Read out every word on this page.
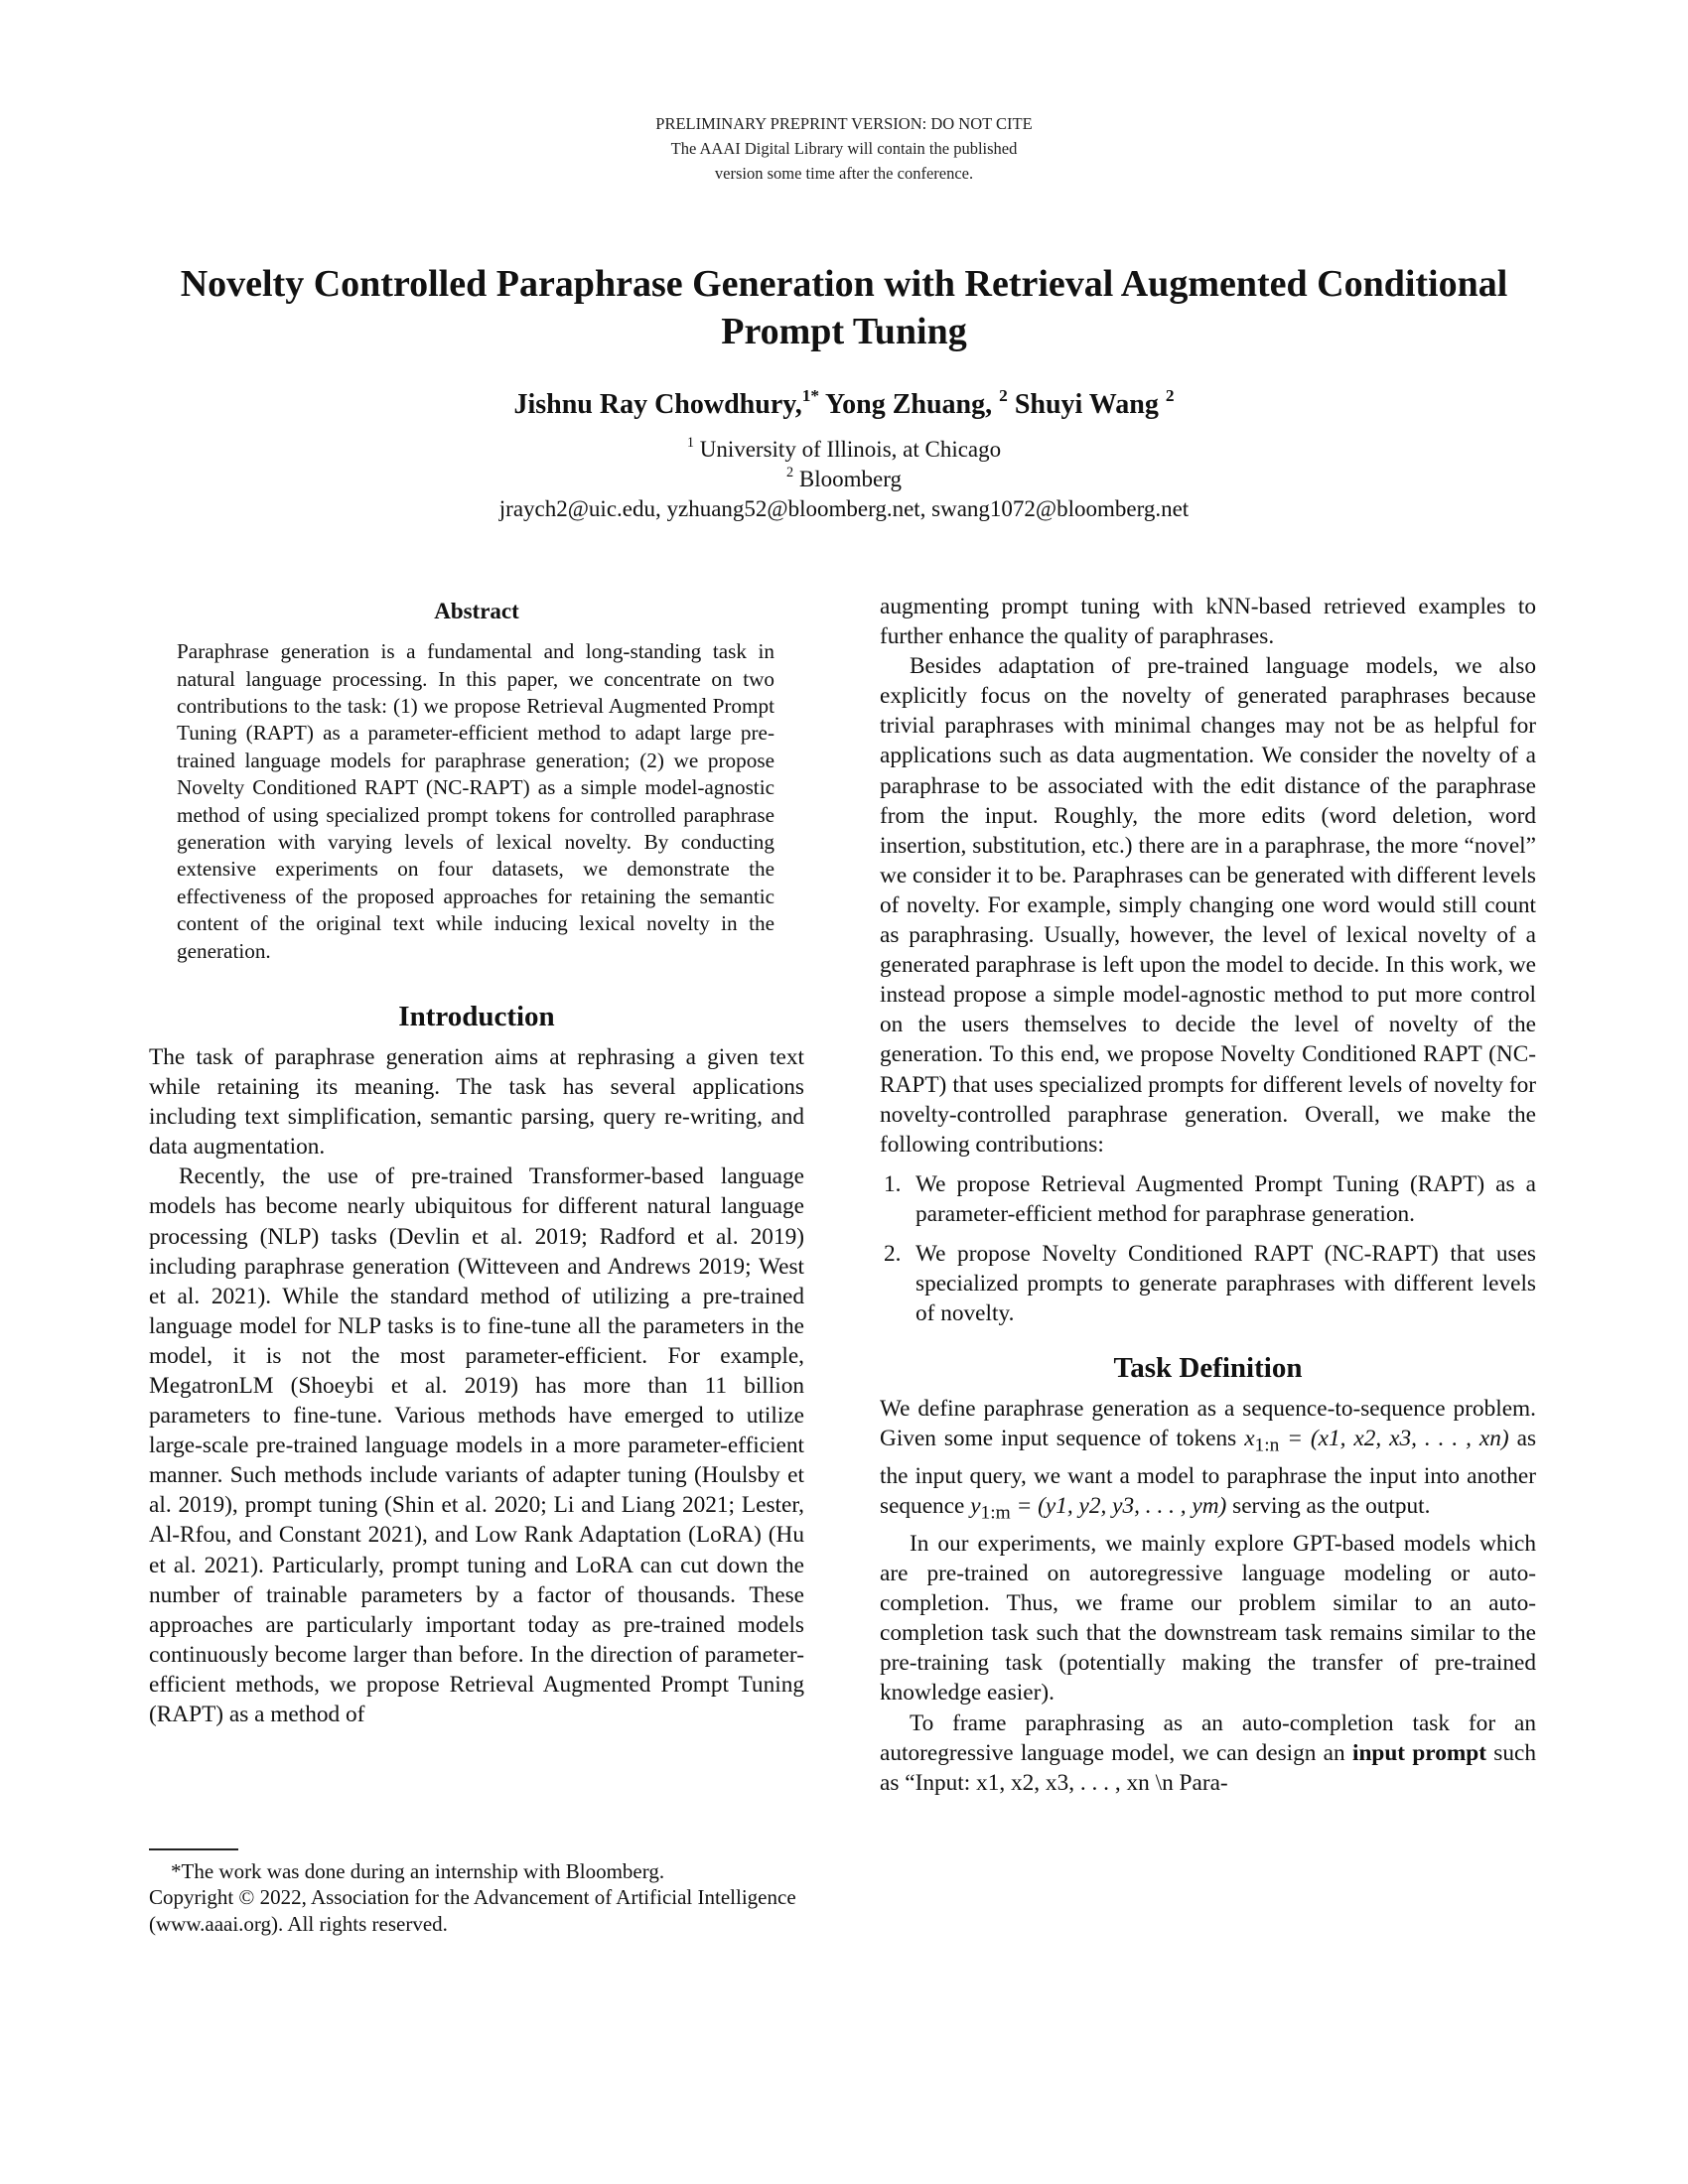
PRELIMINARY PREPRINT VERSION: DO NOT CITE
The AAAI Digital Library will contain the published
version some time after the conference.
Novelty Controlled Paraphrase Generation with Retrieval Augmented Conditional
Prompt Tuning
Jishnu Ray Chowdhury,$^{1*}$ Yong Zhuang, $^2$ Shuyi Wang $^2$
$^1$ University of Illinois, at Chicago
$^2$ Bloomberg
jraych2@uic.edu, yzhuang52@bloomberg.net, swang1072@bloomberg.net
Abstract

Paraphrase generation is a fundamental and long-standing task in natural language processing. In this paper, we concentrate on two contributions to the task: (1) we propose Retrieval Augmented Prompt Tuning (RAPT) as a parameter-efficient method to adapt large pre-trained language models for paraphrase generation; (2) we propose Novelty Conditioned RAPT (NC-RAPT) as a simple model-agnostic method of using specialized prompt tokens for controlled paraphrase generation with varying levels of lexical novelty. By conducting extensive experiments on four datasets, we demonstrate the effectiveness of the proposed approaches for retaining the semantic content of the original text while inducing lexical novelty in the generation.

Introduction

The task of paraphrase generation aims at rephrasing a given text while retaining its meaning. The task has several applications including text simplification, semantic parsing, query re-writing, and data augmentation.

Recently, the use of pre-trained Transformer-based language models has become nearly ubiquitous for different natural language processing (NLP) tasks (Devlin et al. 2019; Radford et al. 2019) including paraphrase generation (Witteveen and Andrews 2019; West et al. 2021). While the standard method of utilizing a pre-trained language model for NLP tasks is to fine-tune all the parameters in the model, it is not the most parameter-efficient. For example, MegatronLM (Shoeybi et al. 2019) has more than 11 billion parameters to fine-tune. Various methods have emerged to utilize large-scale pre-trained language models in a more parameter-efficient manner. Such methods include variants of adapter tuning (Houlsby et al. 2019), prompt tuning (Shin et al. 2020; Li and Liang 2021; Lester, Al-Rfou, and Constant 2021), and Low Rank Adaptation (LoRA) (Hu et al. 2021). Particularly, prompt tuning and LoRA can cut down the number of trainable parameters by a factor of thousands. These approaches are particularly important today as pre-trained models continuously become larger than before. In the direction of parameter-efficient methods, we propose Retrieval Augmented Prompt Tuning (RAPT) as a method of

*The work was done during an internship with Bloomberg.
Copyright © 2022, Association for the Advancement of Artificial Intelligence (www.aaai.org). All rights reserved.

augmenting prompt tuning with kNN-based retrieved examples to further enhance the quality of paraphrases.

Besides adaptation of pre-trained language models, we also explicitly focus on the novelty of generated paraphrases because trivial paraphrases with minimal changes may not be as helpful for applications such as data augmentation. We consider the novelty of a paraphrase to be associated with the edit distance of the paraphrase from the input. Roughly, the more edits (word deletion, word insertion, substitution, etc.) there are in a paraphrase, the more “novel” we consider it to be. Paraphrases can be generated with different levels of novelty. For example, simply changing one word would still count as paraphrasing. Usually, however, the level of lexical novelty of a generated paraphrase is left upon the model to decide. In this work, we instead propose a simple model-agnostic method to put more control on the users themselves to decide the level of novelty of the generation. To this end, we propose Novelty Conditioned RAPT (NC-RAPT) that uses specialized prompts for different levels of novelty for novelty-controlled paraphrase generation. Overall, we make the following contributions:

1. We propose Retrieval Augmented Prompt Tuning (RAPT) as a parameter-efficient method for paraphrase generation.
2. We propose Novelty Conditioned RAPT (NC-RAPT) that uses specialized prompts to generate paraphrases with different levels of novelty.
Task Definition

We define paraphrase generation as a sequence-to-sequence problem. Given some input sequence of tokens $x_{1:n} = (x1$, x2, x3, . . . , xn) as the input query, we want a model to paraphrase the input into another sequence $y_{1:m} = (y1$, y2, y3, . . . , ym) serving as the output.

In our experiments, we mainly explore GPT-based models which are pre-trained on autoregressive language modeling or auto-completion. Thus, we frame our problem similar to an auto-completion task such that the downstream task remains similar to the pre-training task (potentially making the transfer of pre-trained knowledge easier).

To frame paraphrasing as an auto-completion task for an autoregressive language model, we can design an input prompt such as “Input: x1, x2, x3, . . . , xn \n Para-
